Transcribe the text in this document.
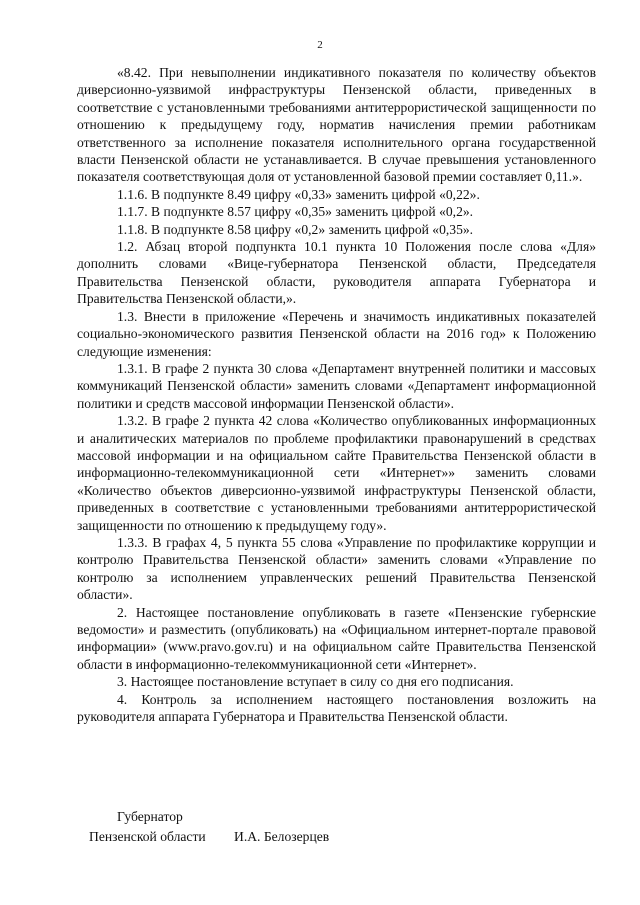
2

«8.42. При невыполнении индикативного показателя по количеству объектов диверсионно-уязвимой инфраструктуры Пензенской области, приведенных в соответствие с установленными требованиями антитеррористической защищенности по отношению к предыдущему году, норматив начисления премии работникам ответственного за исполнение показателя исполнительного органа государственной власти Пензенской области не устанавливается. В случае превышения установленного показателя соответствующая доля от установленной базовой премии составляет 0,11.».

1.1.6. В подпункте 8.49 цифру «0,33» заменить цифрой «0,22».

1.1.7. В подпункте 8.57 цифру «0,35» заменить цифрой «0,2».

1.1.8. В подпункте 8.58 цифру «0,2» заменить цифрой «0,35».

1.2. Абзац второй подпункта 10.1 пункта 10 Положения после слова «Для» дополнить словами «Вице-губернатора Пензенской области, Председателя Правительства Пензенской области, руководителя аппарата Губернатора и Правительства Пензенской области,».

1.3. Внести в приложение «Перечень и значимость индикативных показателей социально-экономического развития Пензенской области на 2016 год» к Положению следующие изменения:

1.3.1. В графе 2 пункта 30 слова «Департамент внутренней политики и массовых коммуникаций Пензенской области» заменить словами «Департамент информационной политики и средств массовой информации Пензенской области».

1.3.2. В графе 2 пункта 42 слова «Количество опубликованных информационных и аналитических материалов по проблеме профилактики правонарушений в средствах массовой информации и на официальном сайте Правительства Пензенской области в информационно-телекоммуникационной сети «Интернет»» заменить словами «Количество объектов диверсионно-уязвимой инфраструктуры Пензенской области, приведенных в соответствие с установленными требованиями антитеррористической защищенности по отношению к предыдущему году».

1.3.3. В графах 4, 5 пункта 55 слова «Управление по профилактике коррупции и контролю Правительства Пензенской области» заменить словами «Управление по контролю за исполнением управленческих решений Правительства Пензенской области».

2. Настоящее постановление опубликовать в газете «Пензенские губернские ведомости» и разместить (опубликовать) на «Официальном интернет-портале правовой информации» (www.pravo.gov.ru) и на официальном сайте Правительства Пензенской области в информационно-телекоммуникационной сети «Интернет».

3. Настоящее постановление вступает в силу со дня его подписания.

4. Контроль за исполнением настоящего постановления возложить на руководителя аппарата Губернатора и Правительства Пензенской области.

Губернатор
Пензенской области И.А. Белозерцев
